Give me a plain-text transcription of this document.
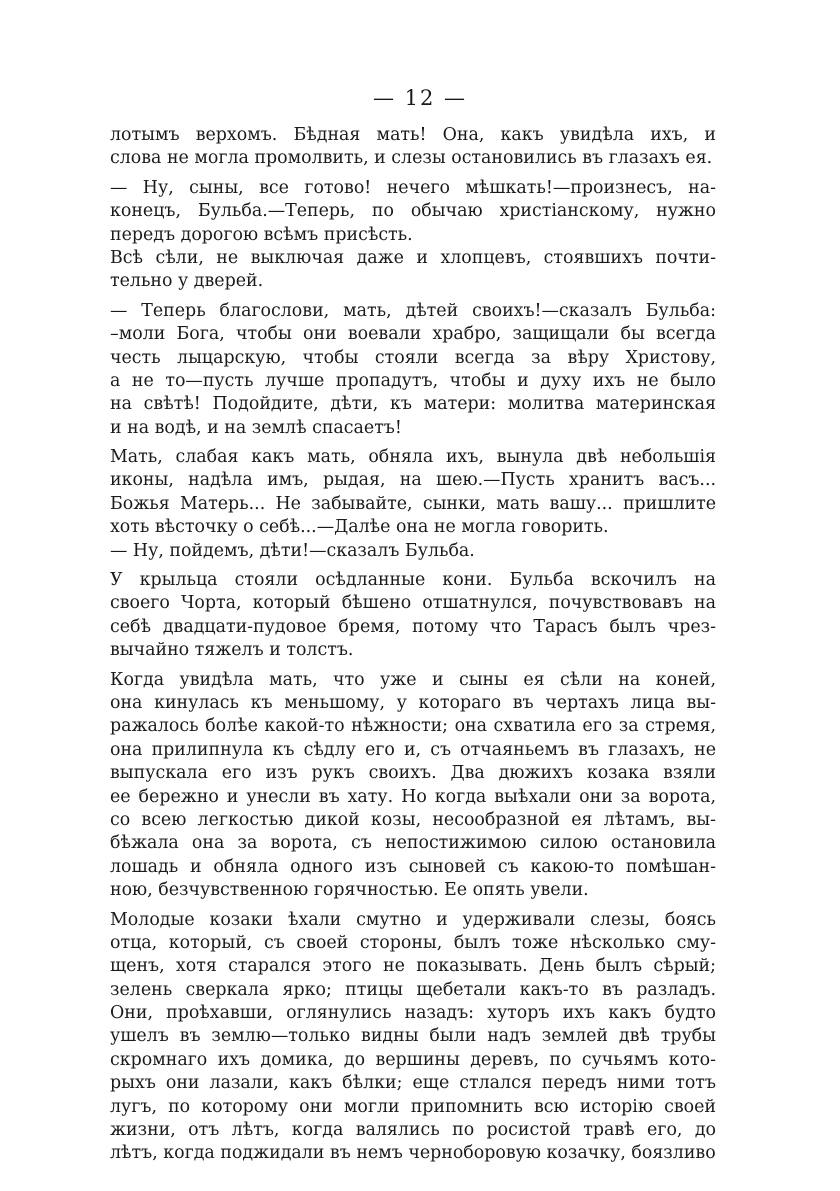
— 12 —
лотымъ верхомъ. Бѣдная мать! Она, какъ увидѣла ихъ, и
слова не могла промолвить, и слезы остановились въ глазахъ ея.
— Ну, сыны, все готово! нечего мѣшкать!—произнесъ, на-
конецъ, Бульба.—Теперь, по обычаю христіанскому, нужно
передъ дорогою всѣмъ присѣсть.
Всѣ сѣли, не выключая даже и хлопцевъ, стоявшихъ почти-
тельно у дверей.
— Теперь благослови, мать, дѣтей своихъ!—сказалъ Бульба:
–моли Бога, чтобы они воевали храбро, защищали бы всегда
честь лыцарскую, чтобы стояли всегда за вѣру Христову,
а не то—пусть лучше пропадутъ, чтобы и духу ихъ не было
на свѣтѣ! Подойдите, дѣти, къ матери: молитва материнская
и на водѣ, и на землѣ спасаетъ!
Мать, слабая какъ мать, обняла ихъ, вынула двѣ небольшія
иконы, надѣла имъ, рыдая, на шею.—Пусть хранитъ васъ...
Божья Матерь... Не забывайте, сынки, мать вашу... пришлите
хоть вѣсточку о себѣ...—Далѣе она не могла говорить.
— Ну, пойдемъ, дѣти!—сказалъ Бульба.
У крыльца стояли осѣдланные кони. Бульба вскочилъ на
своего Чорта, который бѣшено отшатнулся, почувствовавъ на
себѣ двадцати-пудовое бремя, потому что Тарасъ былъ чрез-
вычайно тяжелъ и толстъ.
Когда увидѣла мать, что уже и сыны ея сѣли на коней,
она кинулась къ меньшому, у котораго въ чертахъ лица вы-
ражалось болѣе какой-то нѣжности; она схватила его за стремя,
она прилипнула къ сѣдлу его и, съ отчаяньемъ въ глазахъ, не
выпускала его изъ рукъ своихъ. Два дюжихъ козака взяли
ее бережно и унесли въ хату. Но когда выѣхали они за ворота,
со всею легкостью дикой козы, несообразной ея лѣтамъ, вы-
бѣжала она за ворота, съ непостижимою силою остановила
лошадь и обняла одного изъ сыновей съ какою-то помѣшан-
ною, безчувственною горячностью. Ее опять увели.
Молодые козаки ѣхали смутно и удерживали слезы, боясь
отца, который, съ своей стороны, былъ тоже нѣсколько сму-
щенъ, хотя старался этого не показывать. День былъ сѣрый;
зелень сверкала ярко; птицы щебетали какъ-то въ разладъ.
Они, проѣхавши, оглянулись назадъ: хуторъ ихъ какъ будто
ушелъ въ землю—только видны были надъ землей двѣ трубы
скромнаго ихъ домика, до вершины деревъ, по сучьямъ кото-
рыхъ они лазали, какъ бѣлки; еще стлался передъ ними тотъ
лугъ, по которому они могли припомнить всю исторію своей
жизни, отъ лѣтъ, когда валялись по росистой травѣ его, до
лѣтъ, когда поджидали въ немъ черноборовую козачку, боязливо
